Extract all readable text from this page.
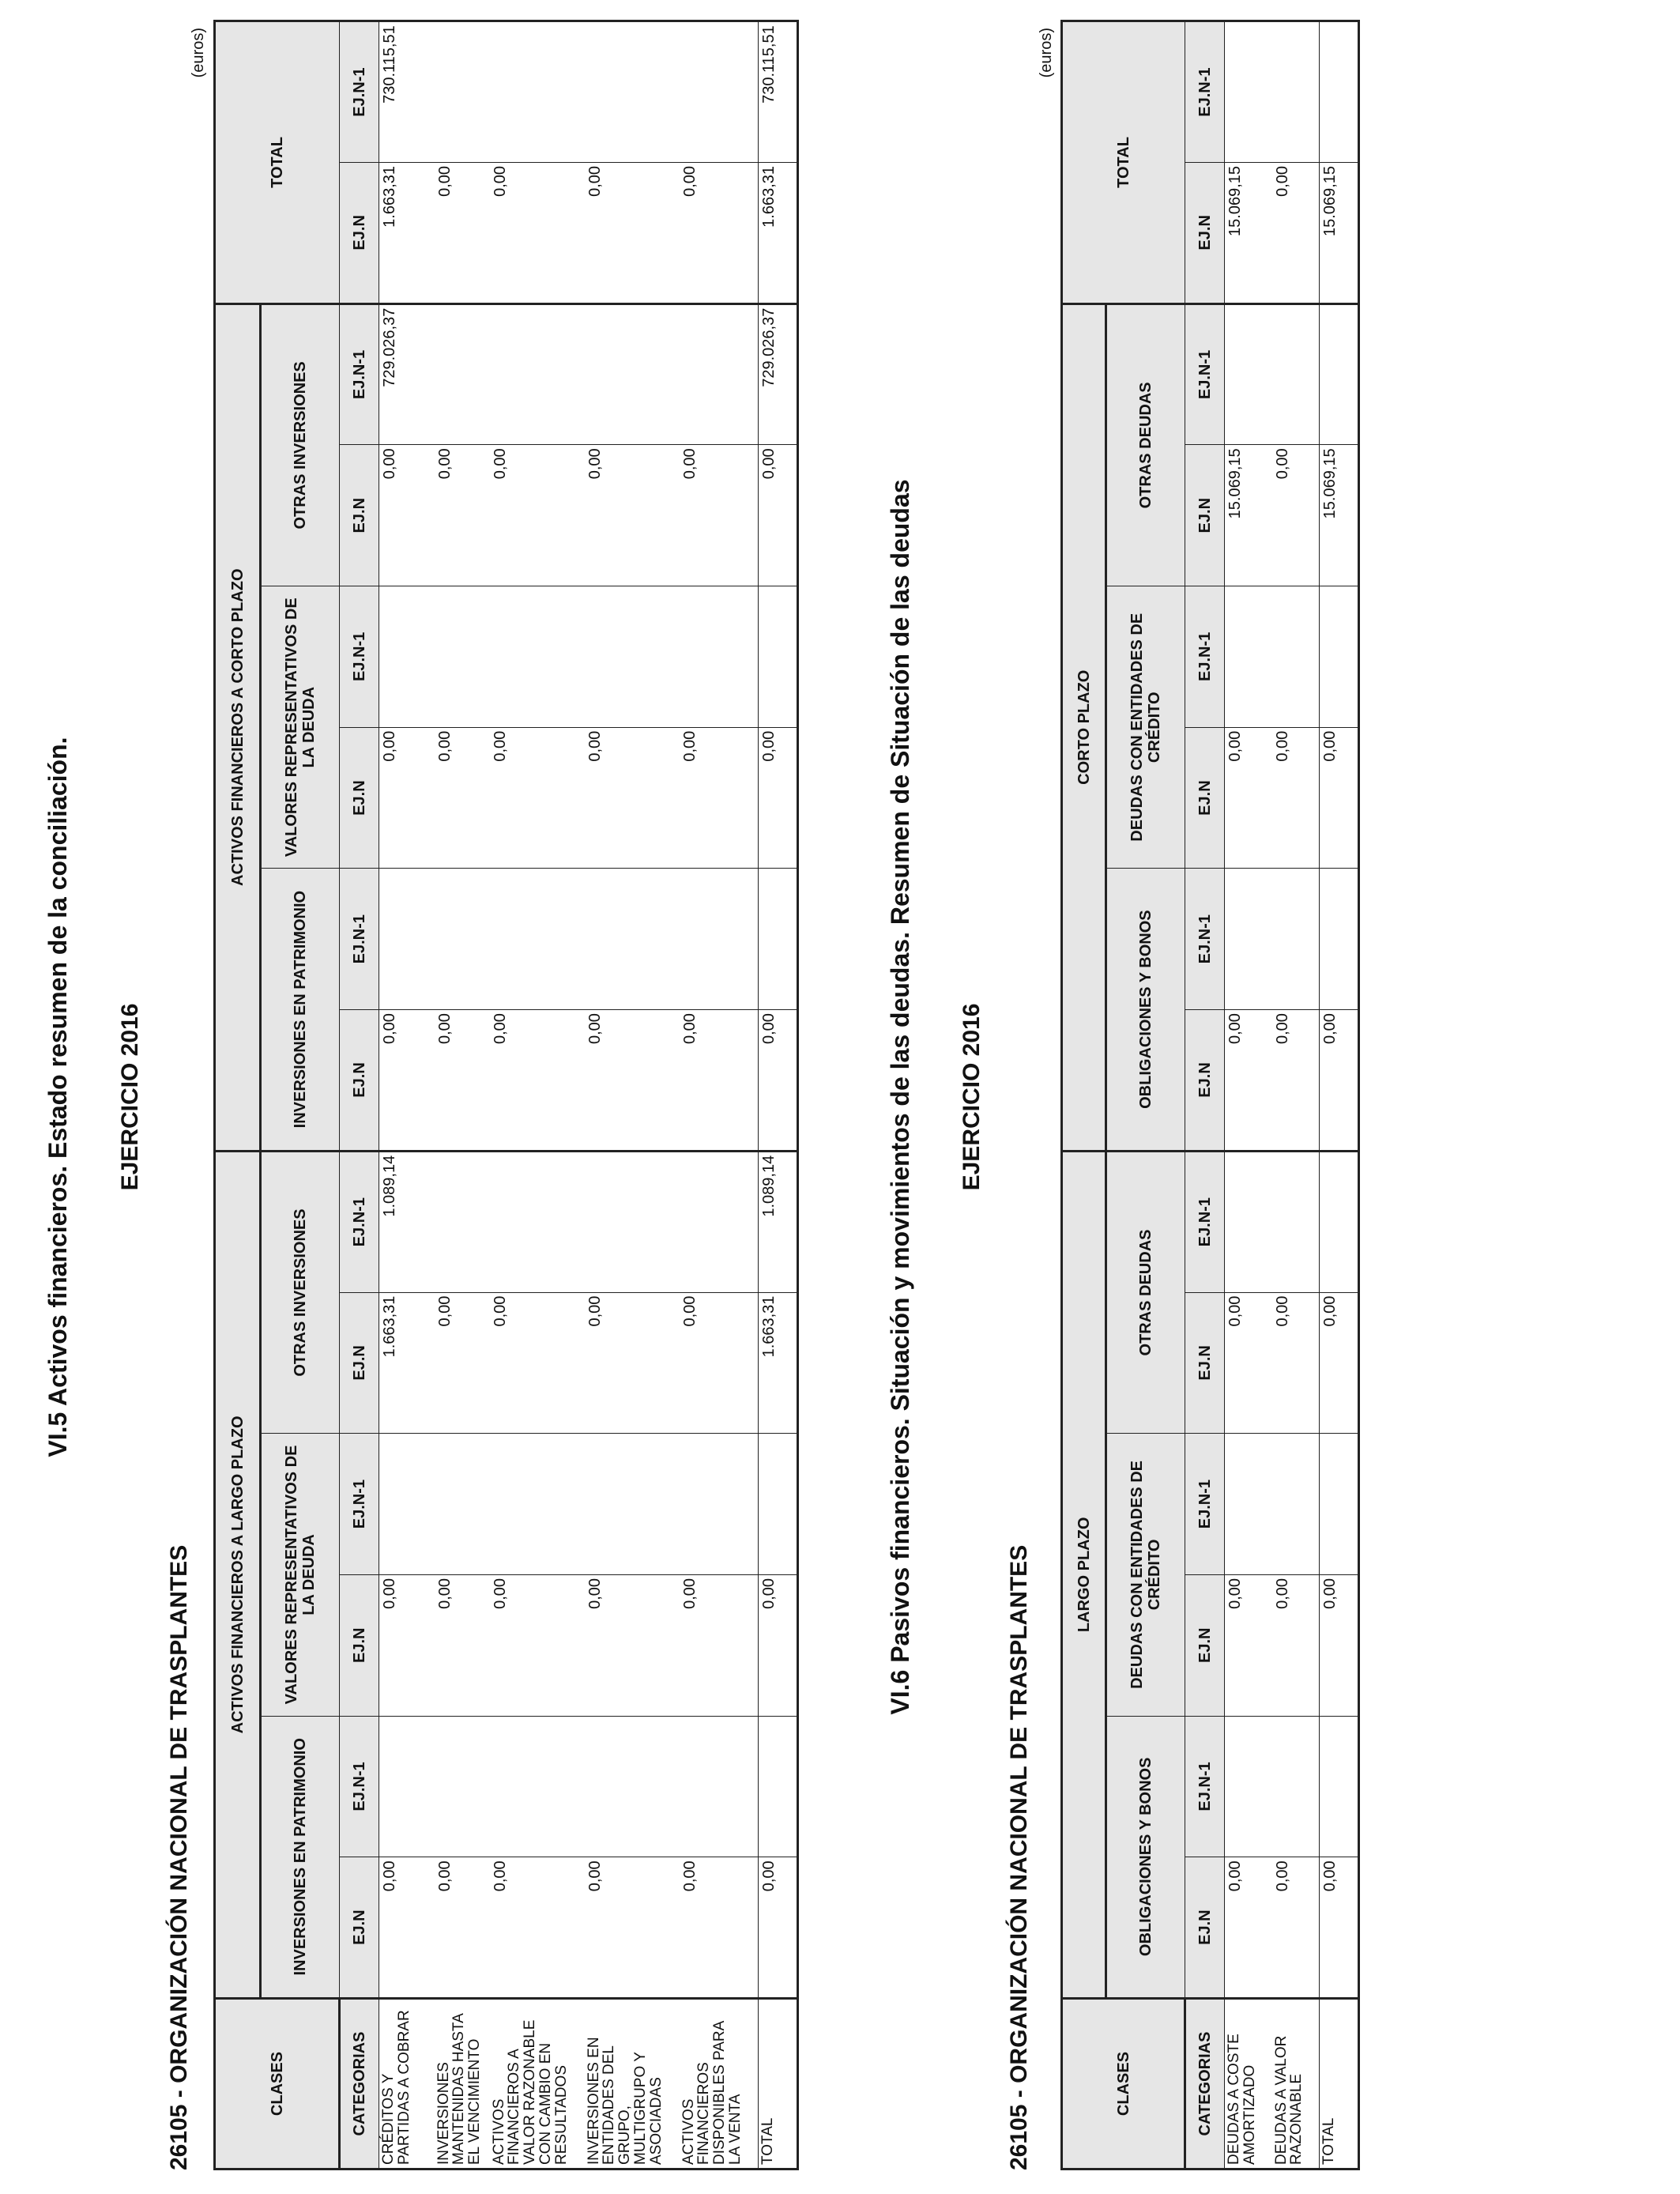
VI.5 Activos financieros. Estado resumen de la conciliación. EJERCICIO 2016
26105 - ORGANIZACIÓN NACIONAL DE TRASPLANTES
(euros)
CLASES	ACTIVOS FINANCIEROS A LARGO PLAZO						ACTIVOS FINANCIEROS A CORTO PLAZO						TOTAL	
	INVERSIONES EN PATRIMONIO		VALORES REPRESENTATIVOS DE LA DEUDA		OTRAS INVERSIONES		INVERSIONES EN PATRIMONIO		VALORES REPRESENTATIVOS DE LA DEUDA		OTRAS INVERSIONES			
CATEGORIAS	EJ.N	EJ.N-1	EJ.N	EJ.N-1	EJ.N	EJ.N-1	EJ.N	EJ.N-1	EJ.N	EJ.N-1	EJ.N	EJ.N-1	EJ.N	EJ.N-1
CRÉDITOS Y PARTIDAS A COBRAR	0,00		0,00		1.663,31	1.089,14	0,00		0,00		0,00	729.026,37	1.663,31	730.115,51
INVERSIONES MANTENIDAS HASTA EL VENCIMIENTO	0,00		0,00		0,00		0,00		0,00		0,00		0,00	
ACTIVOS FINANCIEROS A VALOR RAZONABLE CON CAMBIO EN RESULTADOS	0,00		0,00		0,00		0,00		0,00		0,00		0,00	
INVERSIONES EN ENTIDADES DEL GRUPO, MULTIGRUPO Y ASOCIADAS	0,00		0,00		0,00		0,00		0,00		0,00		0,00	
ACTIVOS FINANCIEROS DISPONIBLES PARA LA VENTA	0,00		0,00		0,00		0,00		0,00		0,00		0,00	
TOTAL	0,00		0,00		1.663,31	1.089,14	0,00		0,00		0,00	729.026,37	1.663,31	730.115,51
VI.6 Pasivos financieros. Situación y movimientos de las deudas. Resumen de Situación de las deudas EJERCICIO 2016
26105 - ORGANIZACIÓN NACIONAL DE TRASPLANTES
(euros)
CLASES	LARGO PLAZO						CORTO PLAZO						TOTAL	
	OBLIGACIONES Y BONOS		DEUDAS CON ENTIDADES DE CRÉDITO		OTRAS DEUDAS		OBLIGACIONES Y BONOS		DEUDAS CON ENTIDADES DE CRÉDITO		OTRAS DEUDAS			
CATEGORIAS	EJ.N	EJ.N-1	EJ.N	EJ.N-1	EJ.N	EJ.N-1	EJ.N	EJ.N-1	EJ.N	EJ.N-1	EJ.N	EJ.N-1	EJ.N	EJ.N-1
DEUDAS A COSTE AMORTIZADO	0,00		0,00		0,00		0,00		0,00		15.069,15		15.069,15	
DEUDAS A VALOR RAZONABLE	0,00		0,00		0,00		0,00		0,00		0,00		0,00	
TOTAL	0,00		0,00		0,00		0,00		0,00		15.069,15		15.069,15	
